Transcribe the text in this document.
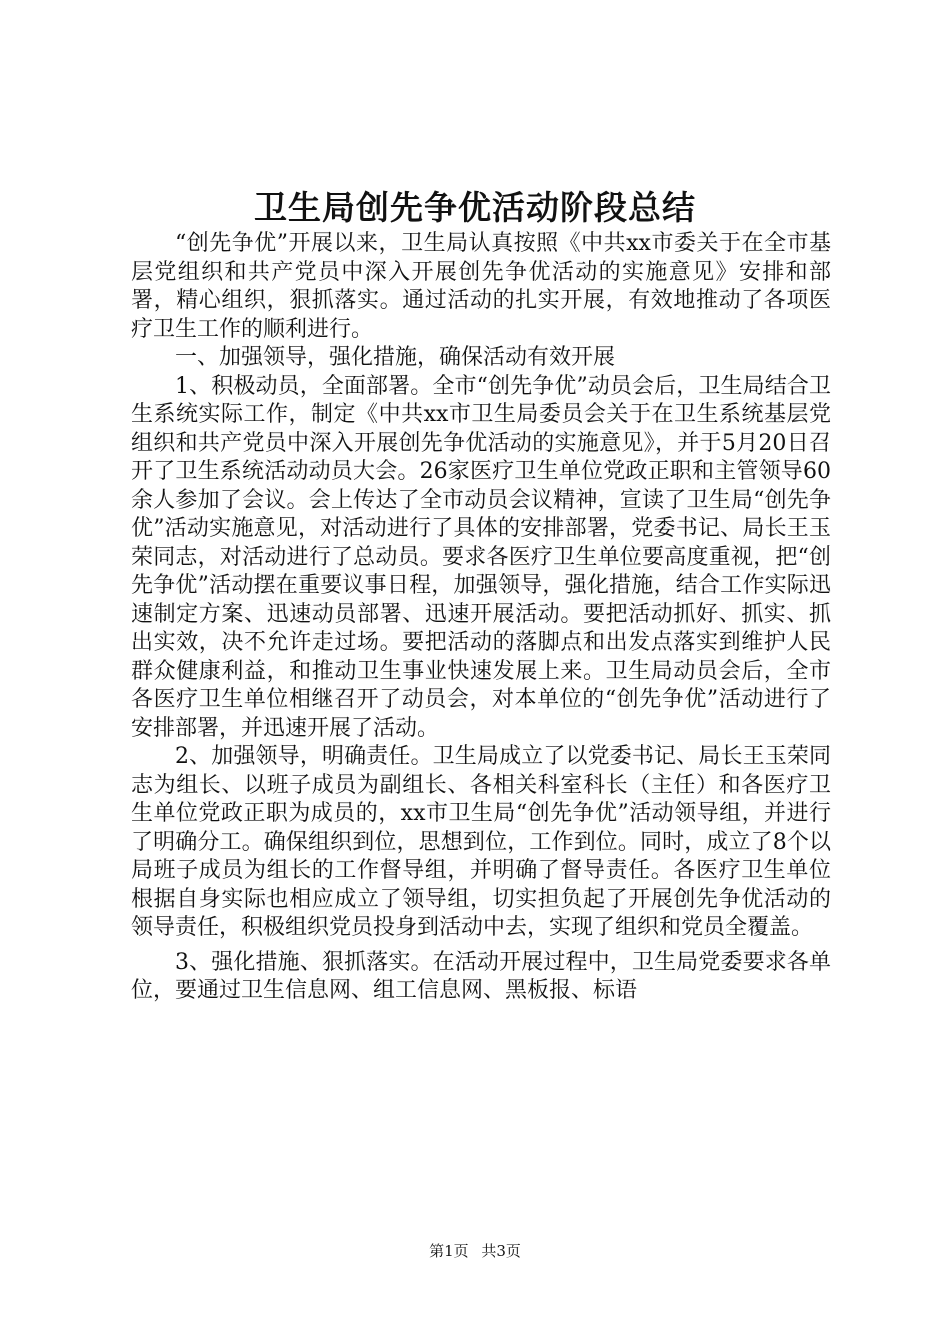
卫生局创先争优活动阶段总结

“创先争优”开展以来，卫生局认真按照《中共xx市委关于在全市基层党组织和共产党员中深入开展创先争优活动的实施意见》安排和部署，精心组织，狠抓落实。通过活动的扎实开展，有效地推动了各项医疗卫生工作的顺利进行。

一、加强领导，强化措施，确保活动有效开展

1、积极动员，全面部署。全市“创先争优”动员会后，卫生局结合卫生系统实际工作，制定《中共xx市卫生局委员会关于在卫生系统基层党组织和共产党员中深入开展创先争优活动的实施意见》，并于5月20日召开了卫生系统活动动员大会。26家医疗卫生单位党政正职和主管领导60余人参加了会议。会上传达了全市动员会议精神，宣读了卫生局“创先争优”活动实施意见，对活动进行了具体的安排部署，党委书记、局长王玉荣同志，对活动进行了总动员。要求各医疗卫生单位要高度重视，把“创先争优”活动摆在重要议事日程，加强领导，强化措施，结合工作实际迅速制定方案、迅速动员部署、迅速开展活动。要把活动抓好、抓实、抓出实效，决不允许走过场。要把活动的落脚点和出发点落实到维护人民群众健康利益，和推动卫生事业快速发展上来。卫生局动员会后，全市各医疗卫生单位相继召开了动员会，对本单位的“创先争优”活动进行了安排部署，并迅速开展了活动。

2、加强领导，明确责任。卫生局成立了以党委书记、局长王玉荣同志为组长、以班子成员为副组长、各相关科室科长（主任）和各医疗卫生单位党政正职为成员的，xx市卫生局“创先争优”活动领导组，并进行了明确分工。确保组织到位，思想到位，工作到位。同时，成立了8个以局班子成员为组长的工作督导组，并明确了督导责任。各医疗卫生单位根据自身实际也相应成立了领导组，切实担负起了开展创先争优活动的领导责任，积极组织党员投身到活动中去，实现了组织和党员全覆盖。

3、强化措施、狠抓落实。在活动开展过程中，卫生局党委要求各单位，要通过卫生信息网、组工信息网、黑板报、标语

第1页 共3页
